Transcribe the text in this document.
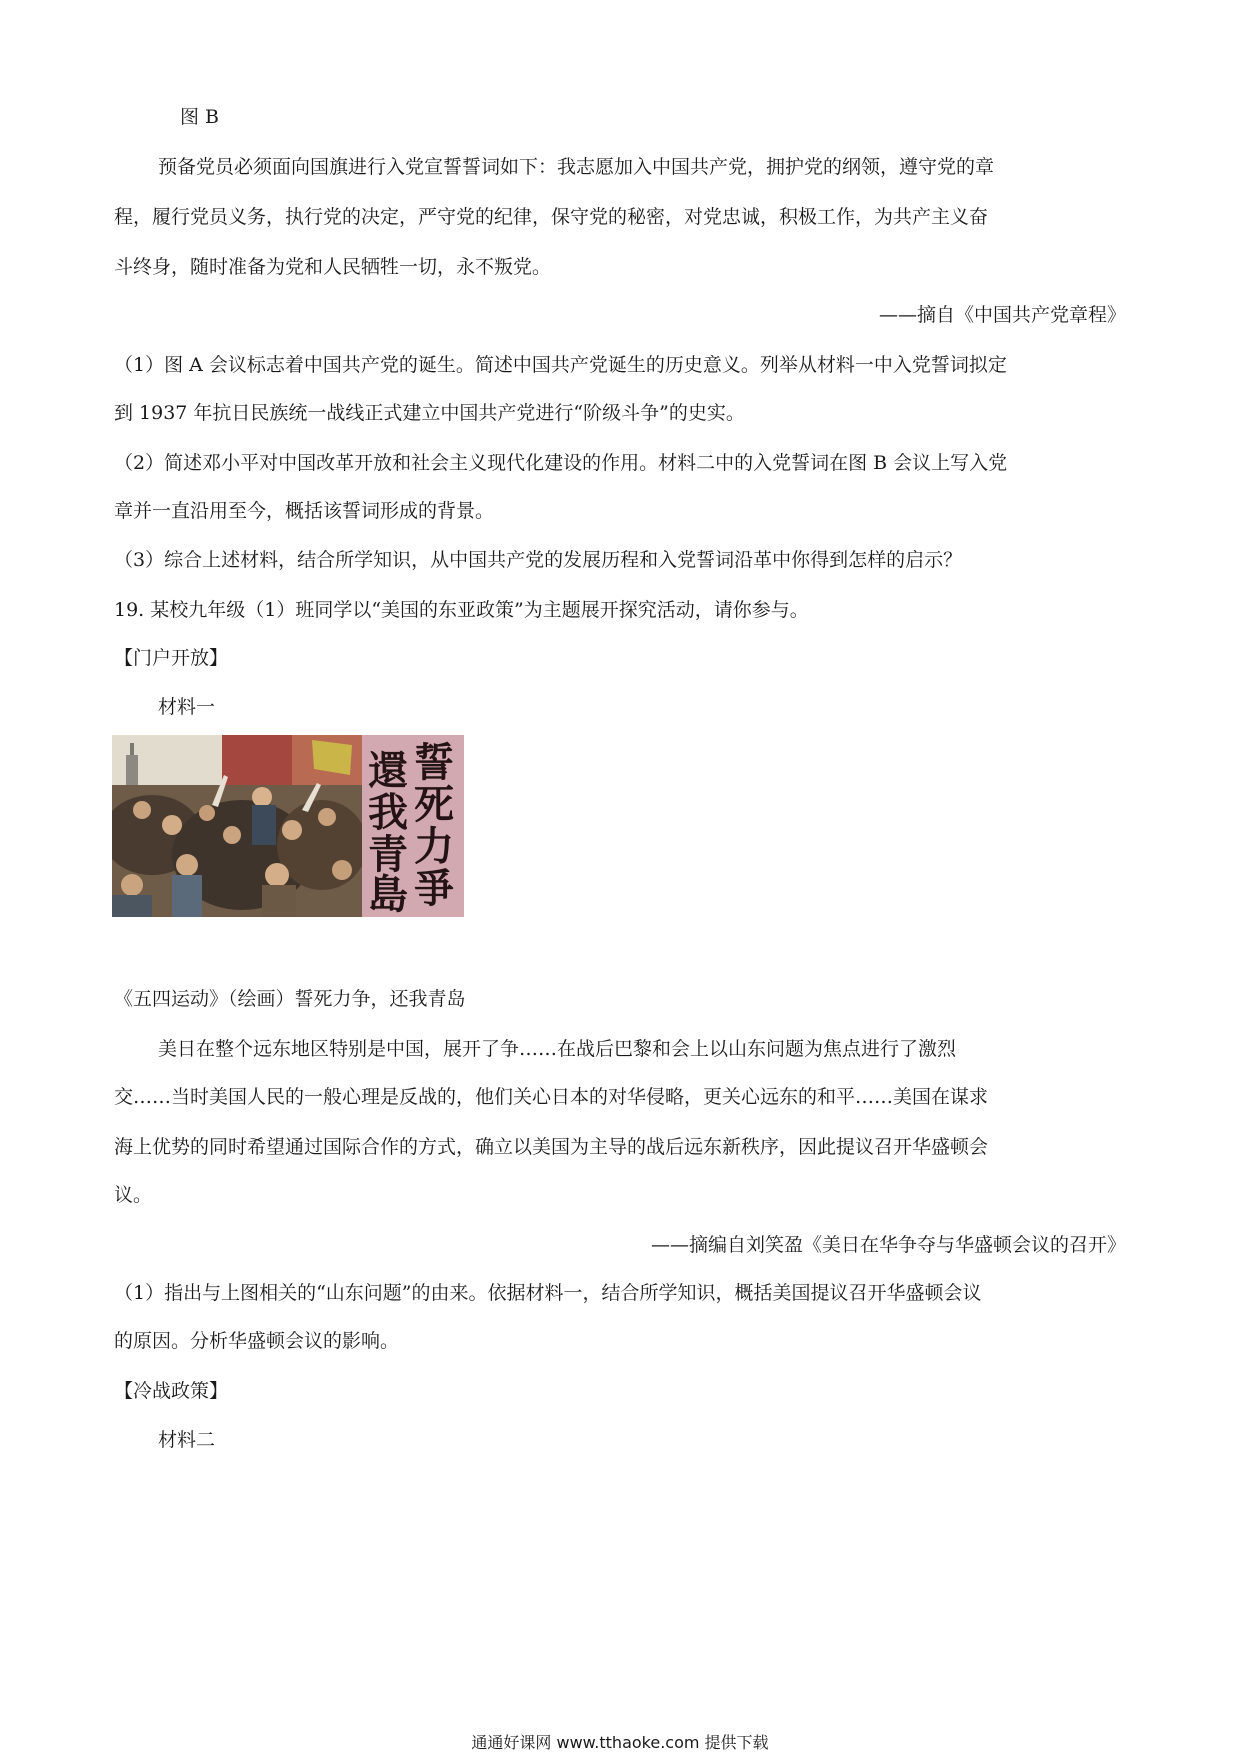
图 B
预备党员必须面向国旗进行入党宣誓誓词如下：我志愿加入中国共产党，拥护党的纲领，遵守党的章
程，履行党员义务，执行党的决定，严守党的纪律，保守党的秘密，对党忠诚，积极工作，为共产主义奋
斗终身，随时准备为党和人民牺牲一切，永不叛党。
——摘自《中国共产党章程》
（1）图 A 会议标志着中国共产党的诞生。简述中国共产党诞生的历史意义。列举从材料一中入党誓词拟定
到 1937 年抗日民族统一战线正式建立中国共产党进行“阶级斗争”的史实。
（2）简述邓小平对中国改革开放和社会主义现代化建设的作用。材料二中的入党誓词在图 B 会议上写入党
章并一直沿用至今，概括该誓词形成的背景。
（3）综合上述材料，结合所学知识，从中国共产党的发展历程和入党誓词沿革中你得到怎样的启示？
19. 某校九年级（1）班同学以“美国的东亚政策”为主题展开探究活动，请你参与。
【门户开放】
材料一
誓
死
力
爭
還
我
青
島
《五四运动》（绘画）誓死力争，还我青岛
美日在整个远东地区特别是中国，展开了争……在战后巴黎和会上以山东问题为焦点进行了激烈
交……当时美国人民的一般心理是反战的，他们关心日本的对华侵略，更关心远东的和平……美国在谋求
海上优势的同时希望通过国际合作的方式，确立以美国为主导的战后远东新秩序，因此提议召开华盛顿会
议。
——摘编自刘笑盈《美日在华争夺与华盛顿会议的召开》
（1）指出与上图相关的“山东问题”的由来。依据材料一，结合所学知识，概括美国提议召开华盛顿会议
的原因。分析华盛顿会议的影响。
【冷战政策】
材料二
通通好课网 www.tthaoke.com 提供下载
